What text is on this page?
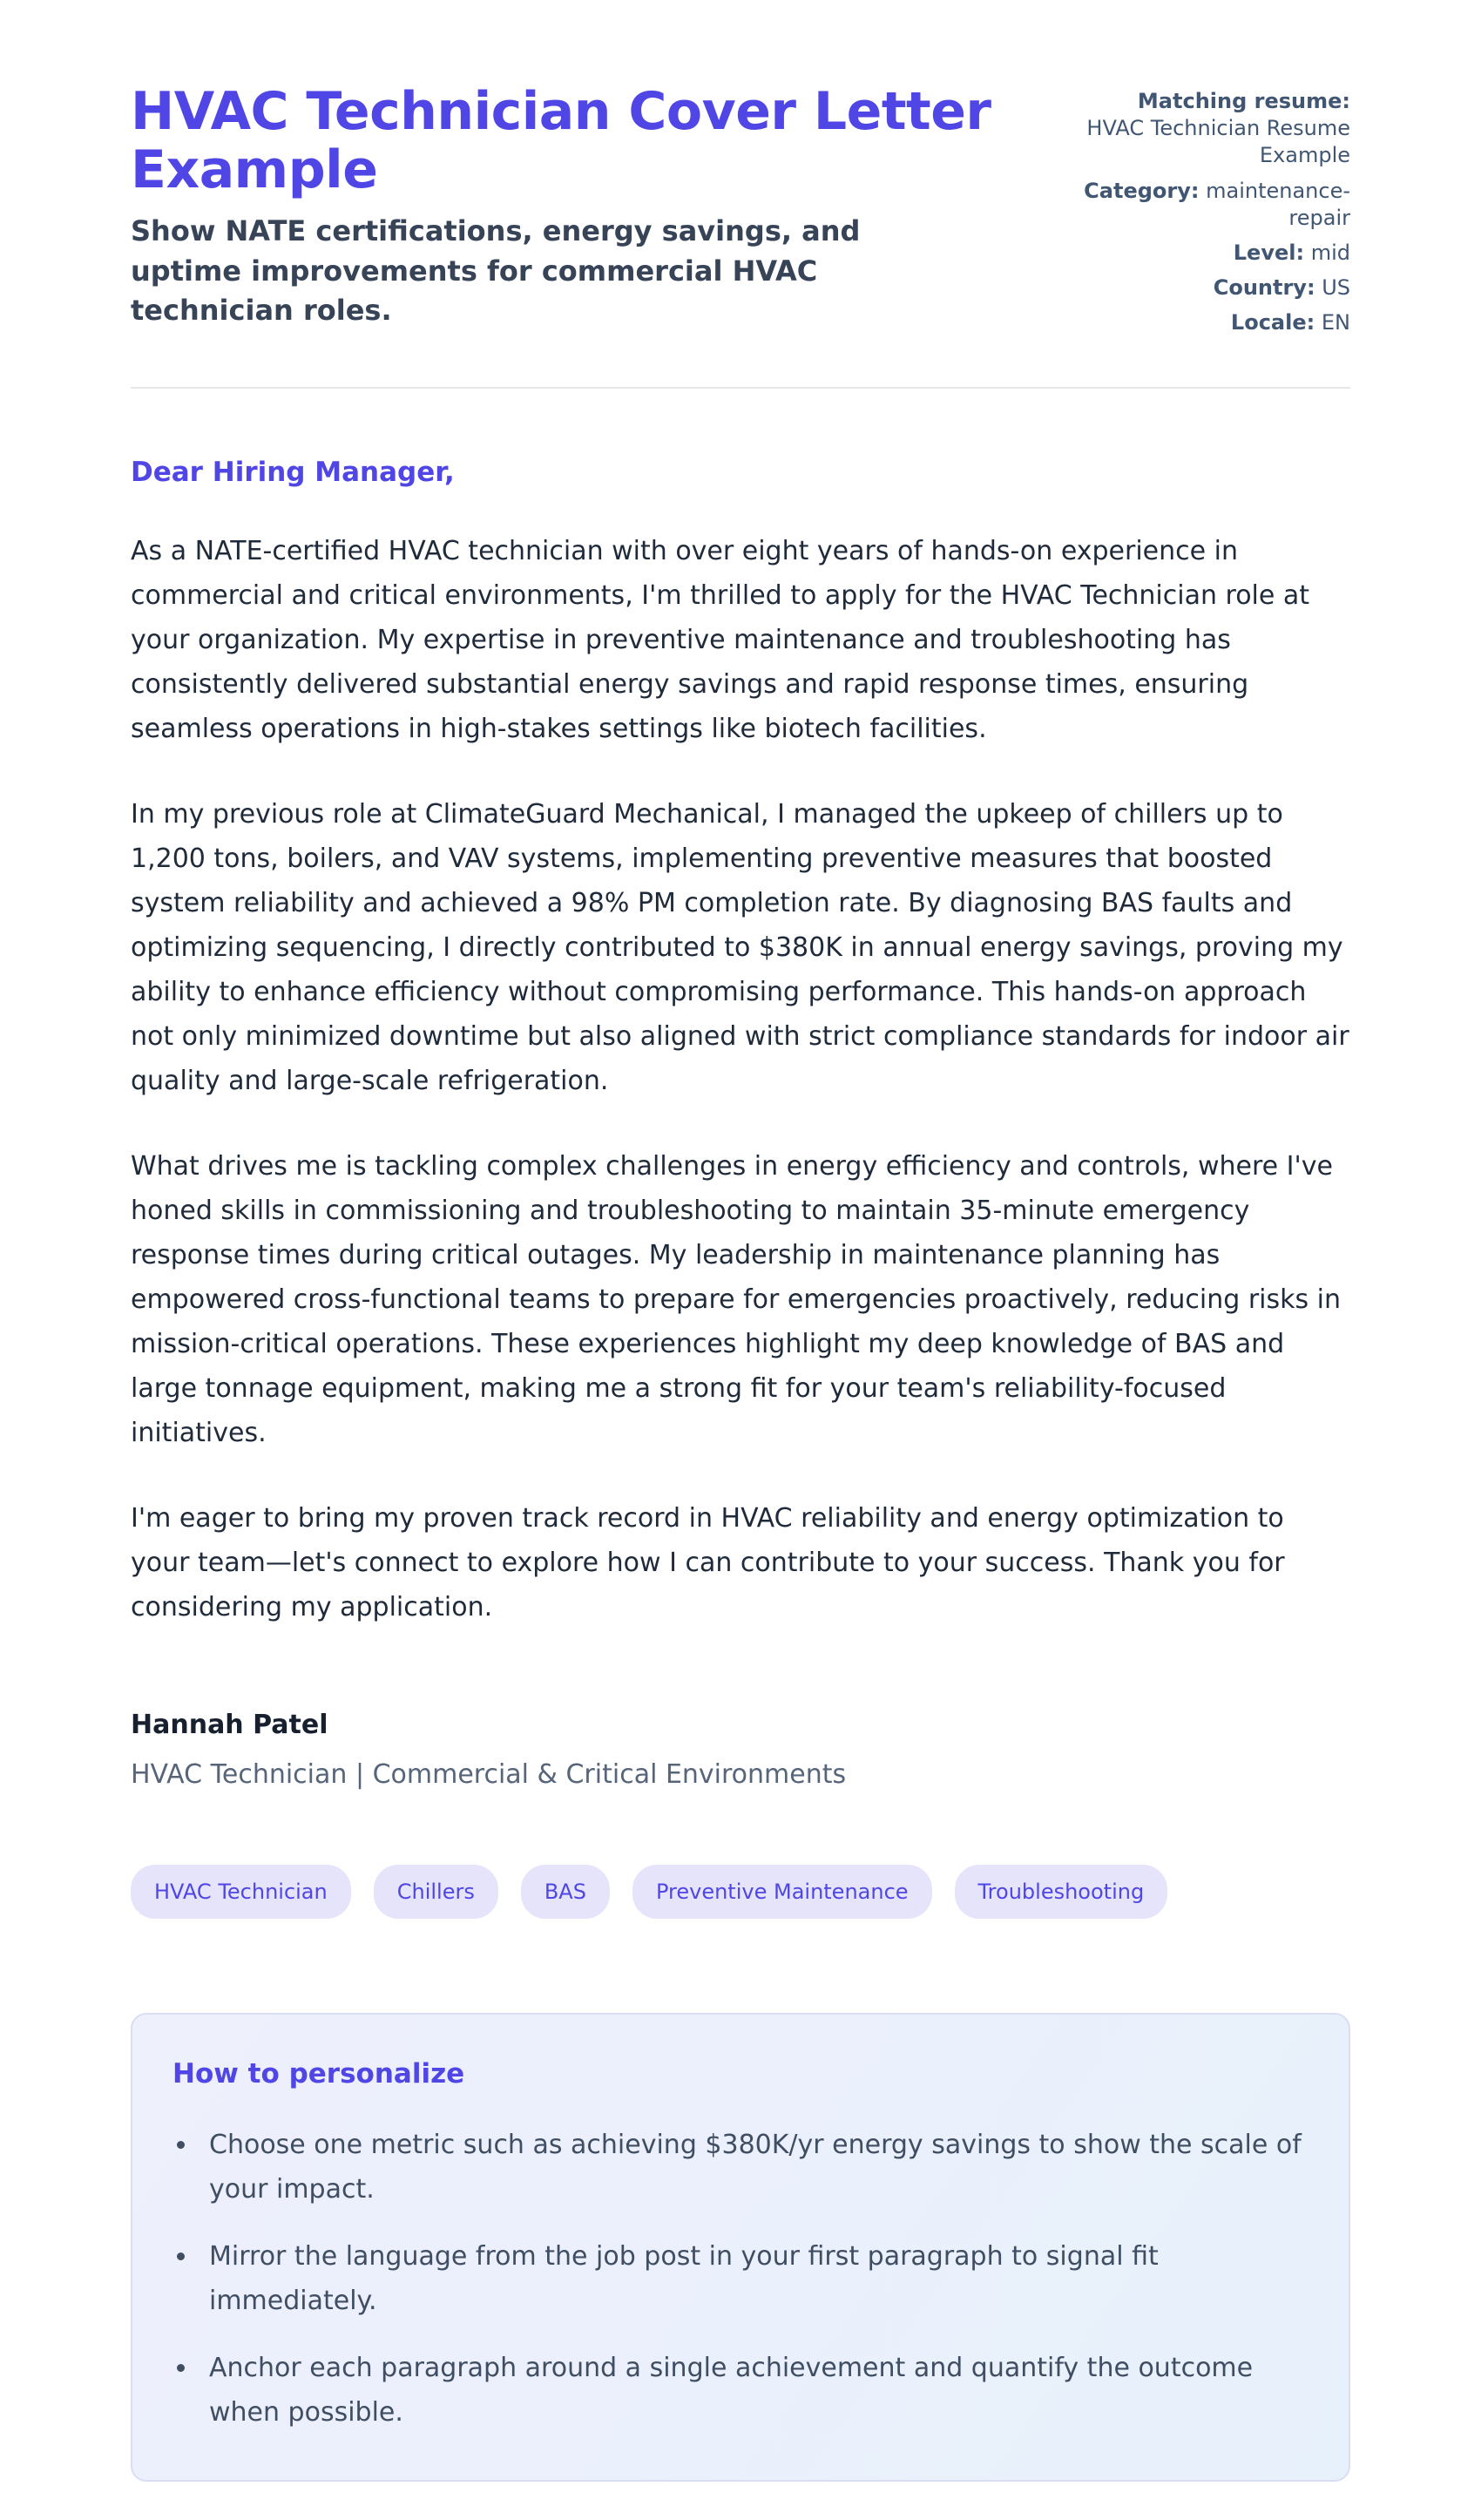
HVAC Technician Cover Letter Example
Show NATE certifications, energy savings, and uptime improvements for commercial HVAC technician roles.
Matching resume:
HVAC Technician Resume Example
Category: maintenance-repair
Level: mid
Country: US
Locale: EN
Dear Hiring Manager,

As a NATE-certified HVAC technician with over eight years of hands-on experience in commercial and critical environments, I'm thrilled to apply for the HVAC Technician role at your organization. My expertise in preventive maintenance and troubleshooting has consistently delivered substantial energy savings and rapid response times, ensuring seamless operations in high-stakes settings like biotech facilities.

In my previous role at ClimateGuard Mechanical, I managed the upkeep of chillers up to 1,200 tons, boilers, and VAV systems, implementing preventive measures that boosted system reliability and achieved a 98% PM completion rate. By diagnosing BAS faults and optimizing sequencing, I directly contributed to $380K in annual energy savings, proving my ability to enhance efficiency without compromising performance. This hands-on approach not only minimized downtime but also aligned with strict compliance standards for indoor air quality and large-scale refrigeration.

What drives me is tackling complex challenges in energy efficiency and controls, where I've honed skills in commissioning and troubleshooting to maintain 35-minute emergency response times during critical outages. My leadership in maintenance planning has empowered cross-functional teams to prepare for emergencies proactively, reducing risks in mission-critical operations. These experiences highlight my deep knowledge of BAS and large tonnage equipment, making me a strong fit for your team's reliability-focused initiatives.

I'm eager to bring my proven track record in HVAC reliability and energy optimization to your team—let's connect to explore how I can contribute to your success. Thank you for considering my application.

Hannah Patel
HVAC Technician | Commercial & Critical Environments
HVAC Technician	Chillers	BAS	Preventive Maintenance	Troubleshooting
How to personalize
• Choose one metric such as achieving $380K/yr energy savings to show the scale of your impact.
• Mirror the language from the job post in your first paragraph to signal fit immediately.
• Anchor each paragraph around a single achievement and quantify the outcome when possible.
